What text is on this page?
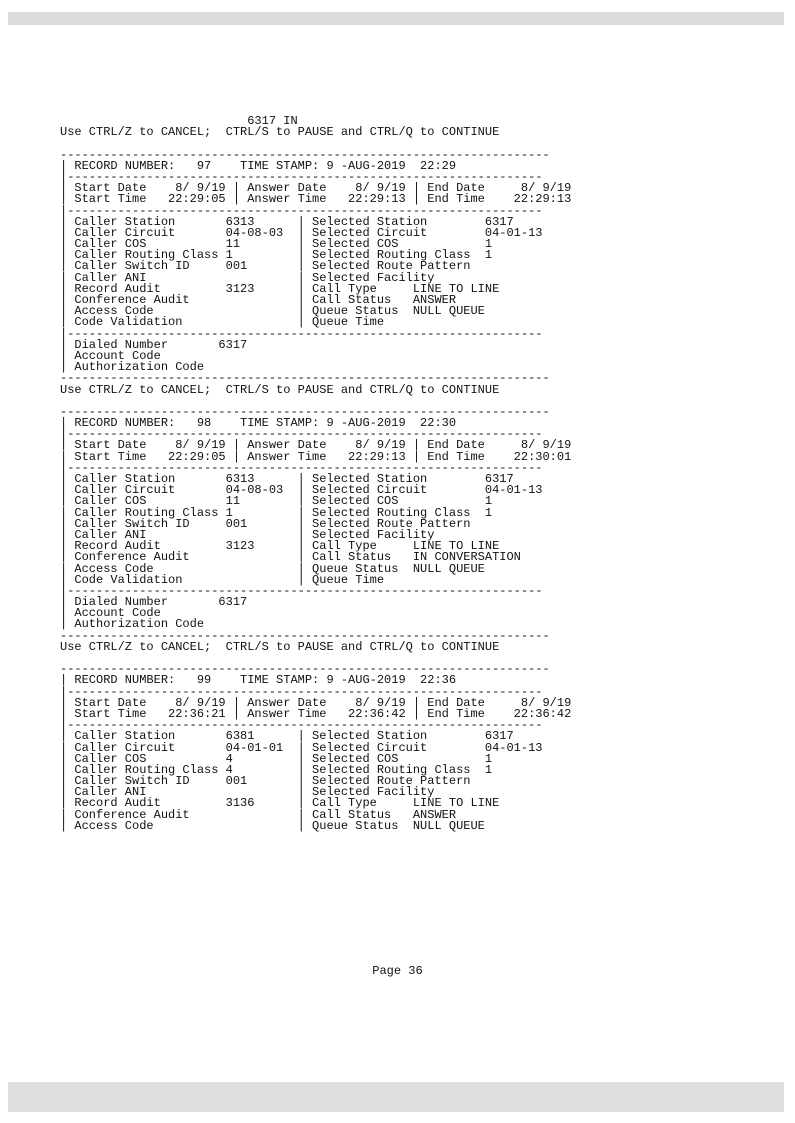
6317 IN
Use CTRL/Z to CANCEL;  CTRL/S to PAUSE and CTRL/Q to CONTINUE
--------------------------------------------------------------------
| RECORD NUMBER:   97    TIME STAMP: 9 -AUG-2019  22:29
|------------------------------------------------------------------
| Start Date    8/ 9/19 | Answer Date    8/ 9/19 | End Date     8/ 9/19
| Start Time   22:29:05 | Answer Time   22:29:13 | End Time    22:29:13
|------------------------------------------------------------------
| Caller Station       6313      | Selected Station        6317
| Caller Circuit       04-08-03  | Selected Circuit        04-01-13
| Caller COS           11        | Selected COS            1
| Caller Routing Class 1         | Selected Routing Class  1
| Caller Switch ID     001       | Selected Route Pattern
| Caller ANI                     | Selected Facility
| Record Audit         3123      | Call Type     LINE TO LINE
| Conference Audit               | Call Status   ANSWER
| Access Code                    | Queue Status  NULL QUEUE
| Code Validation                | Queue Time
|------------------------------------------------------------------
| Dialed Number       6317
| Account Code
| Authorization Code
--------------------------------------------------------------------
Use CTRL/Z to CANCEL;  CTRL/S to PAUSE and CTRL/Q to CONTINUE
--------------------------------------------------------------------
| RECORD NUMBER:   98    TIME STAMP: 9 -AUG-2019  22:30
|------------------------------------------------------------------
| Start Date    8/ 9/19 | Answer Date    8/ 9/19 | End Date     8/ 9/19
| Start Time   22:29:05 | Answer Time   22:29:13 | End Time    22:30:01
|------------------------------------------------------------------
| Caller Station       6313      | Selected Station        6317
| Caller Circuit       04-08-03  | Selected Circuit        04-01-13
| Caller COS           11        | Selected COS            1
| Caller Routing Class 1         | Selected Routing Class  1
| Caller Switch ID     001       | Selected Route Pattern
| Caller ANI                     | Selected Facility
| Record Audit         3123      | Call Type     LINE TO LINE
| Conference Audit               | Call Status   IN CONVERSATION
| Access Code                    | Queue Status  NULL QUEUE
| Code Validation                | Queue Time
|------------------------------------------------------------------
| Dialed Number       6317
| Account Code
| Authorization Code
--------------------------------------------------------------------
Use CTRL/Z to CANCEL;  CTRL/S to PAUSE and CTRL/Q to CONTINUE
--------------------------------------------------------------------
| RECORD NUMBER:   99    TIME STAMP: 9 -AUG-2019  22:36
|------------------------------------------------------------------
| Start Date    8/ 9/19 | Answer Date    8/ 9/19 | End Date     8/ 9/19
| Start Time   22:36:21 | Answer Time   22:36:42 | End Time    22:36:42
|------------------------------------------------------------------
| Caller Station       6381      | Selected Station        6317
| Caller Circuit       04-01-01  | Selected Circuit        04-01-13
| Caller COS           4         | Selected COS            1
| Caller Routing Class 4         | Selected Routing Class  1
| Caller Switch ID     001       | Selected Route Pattern
| Caller ANI                     | Selected Facility
| Record Audit         3136      | Call Type     LINE TO LINE
| Conference Audit               | Call Status   ANSWER
| Access Code                    | Queue Status  NULL QUEUE
Page 36
